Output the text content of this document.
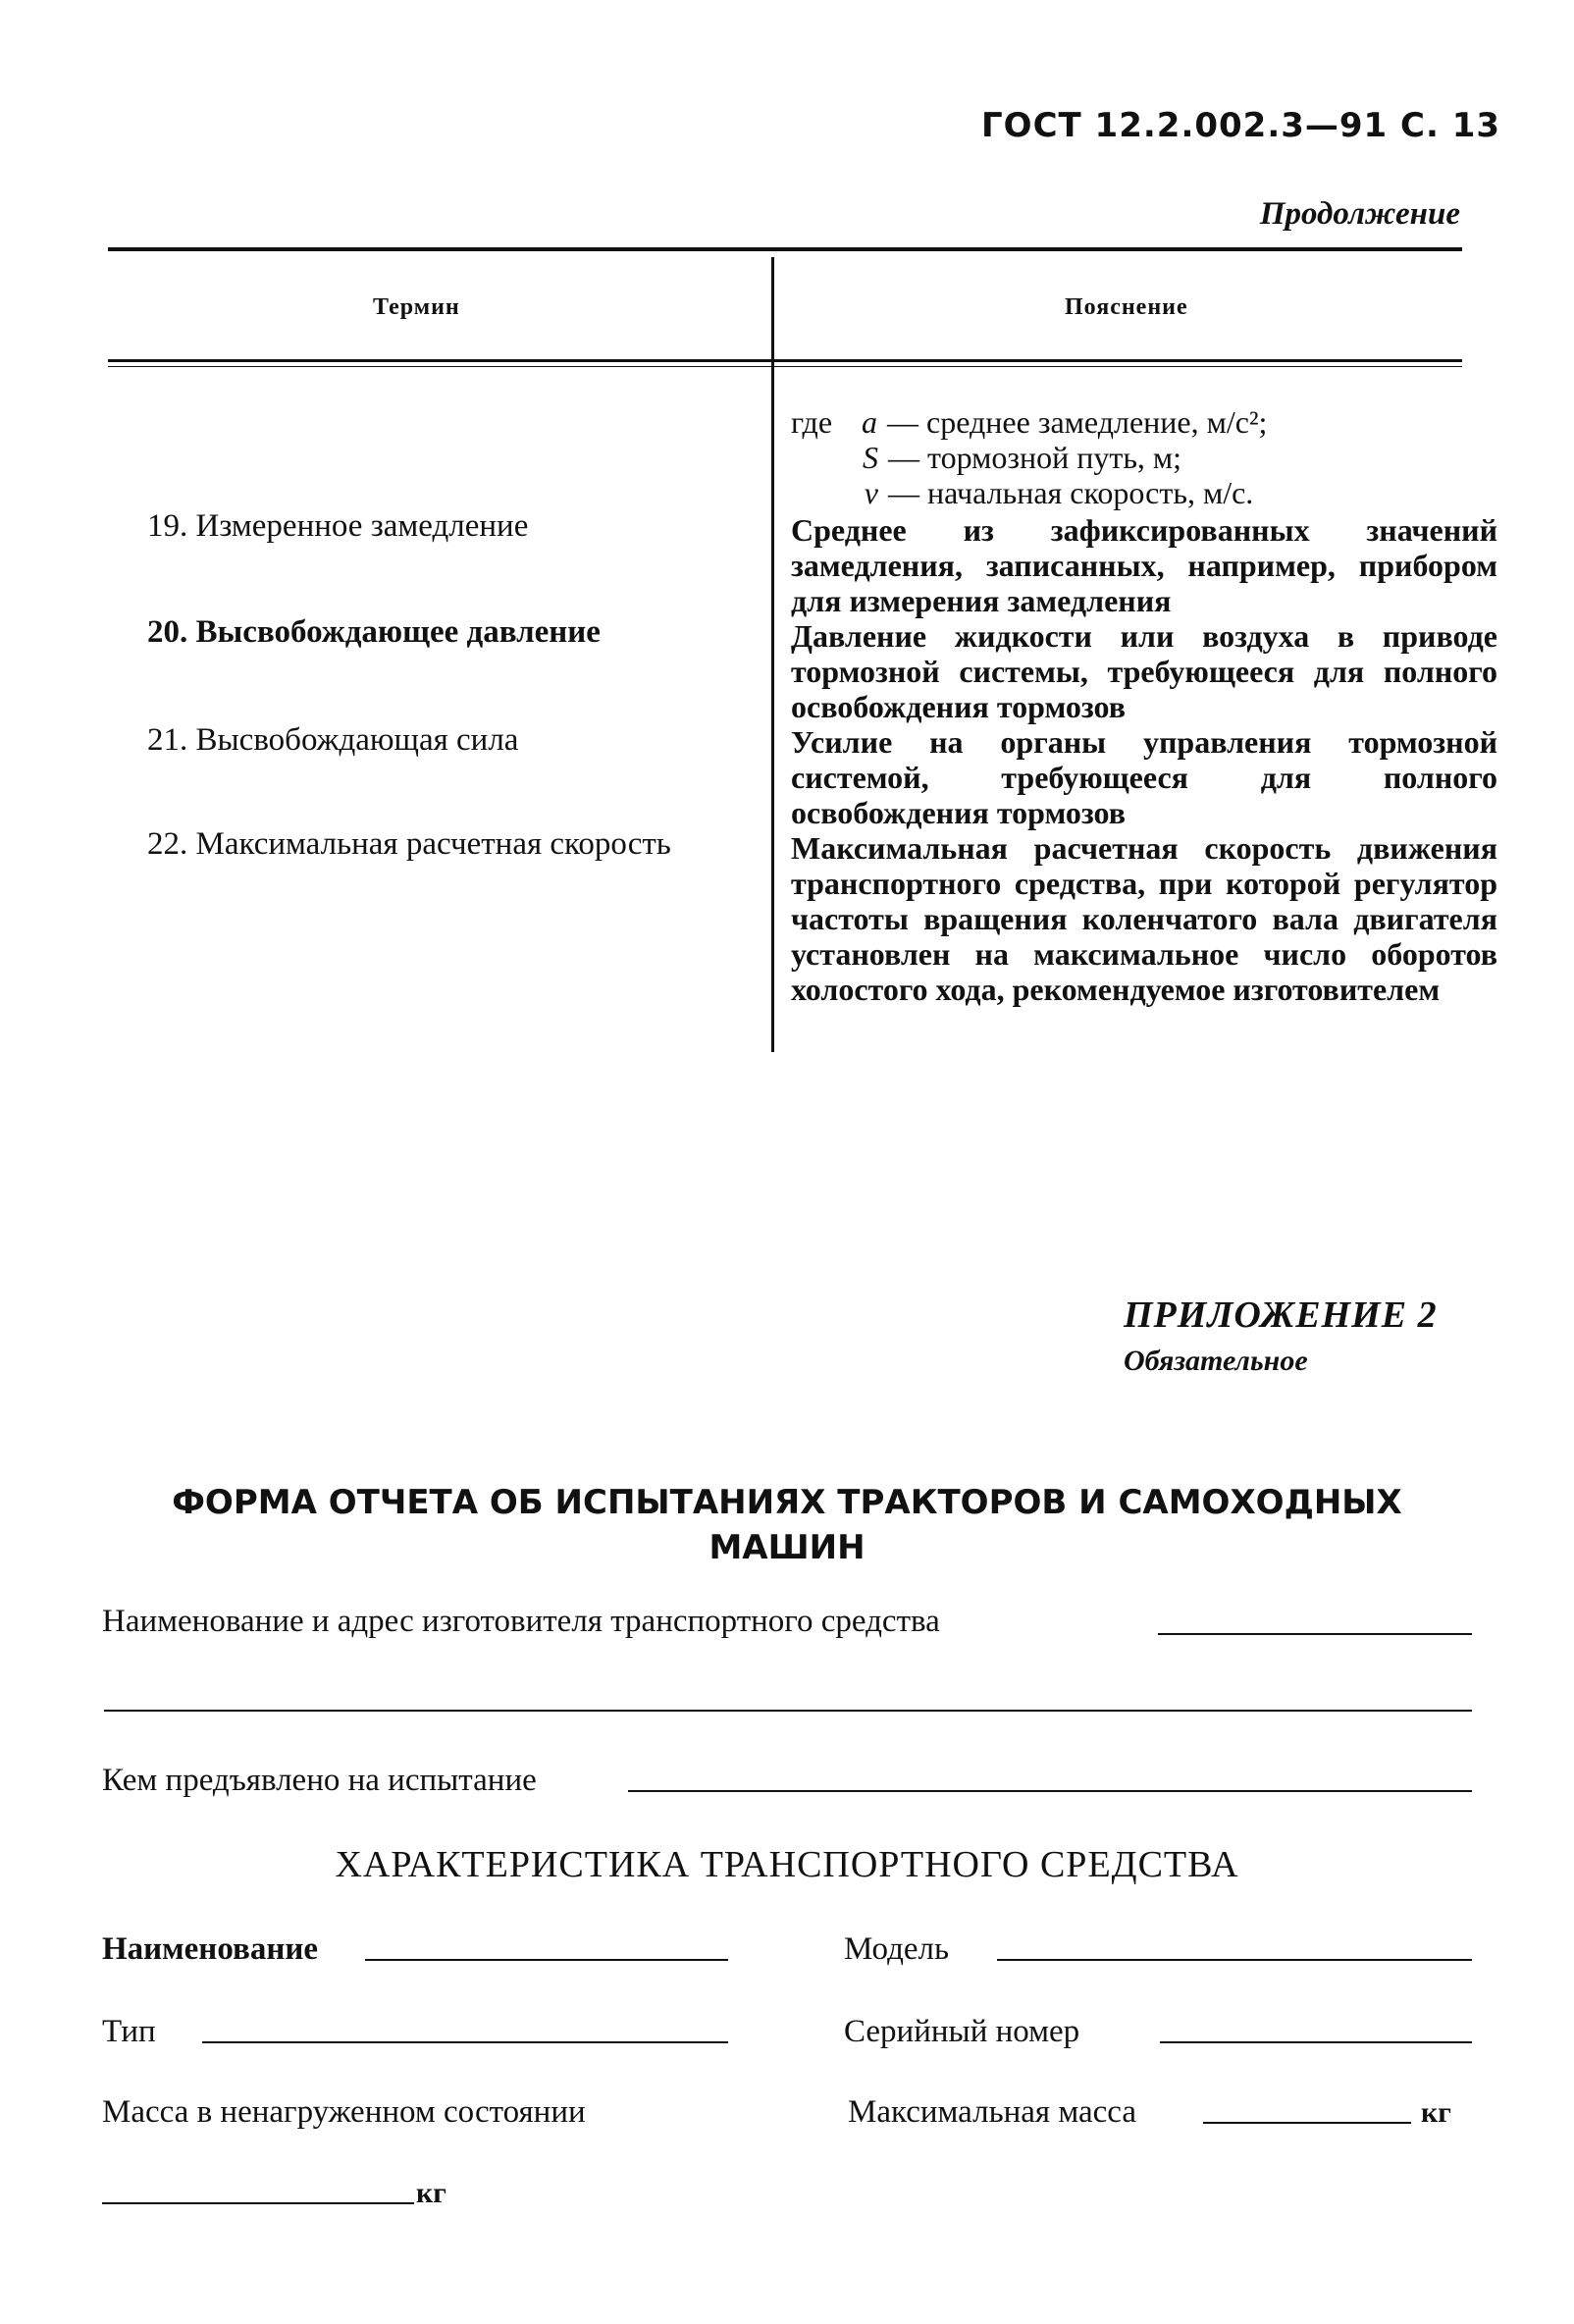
ГОСТ 12.2.002.3—91 С. 13
Продолжение
Термин	Пояснение
где a — среднее замедление, м/с²;
S — тормозной путь, м;
v — начальная скорость, м/с.
19. Измеренное замедление	Среднее из зафиксированных значений замедления, записанных, например, прибором для измерения замедления
20. Высвобождающее давление	Давление жидкости или воздуха в приводе тормозной системы, требующееся для полного освобождения тормозов
21. Высвобождающая сила	Усилие на органы управления тормозной системой, требующееся для полного освобождения тормозов
22. Максимальная расчетная скорость	Максимальная расчетная скорость движения транспортного средства, при которой регулятор частоты вращения коленчатого вала двигателя установлен на максимальное число оборотов холостого хода, рекомендуемое изготовителем
ПРИЛОЖЕНИЕ 2
Обязательное
ФОРМА ОТЧЕТА ОБ ИСПЫТАНИЯХ ТРАКТОРОВ И САМОХОДНЫХ МАШИН
Наименование и адрес изготовителя транспортного средства
Кем предъявлено на испытание
ХАРАКТЕРИСТИКА ТРАНСПОРТНОГО СРЕДСТВА
Наименование	Модель
Тип	Серийный номер
Масса в ненагруженном состоянии	Максимальная масса	кг
кг
